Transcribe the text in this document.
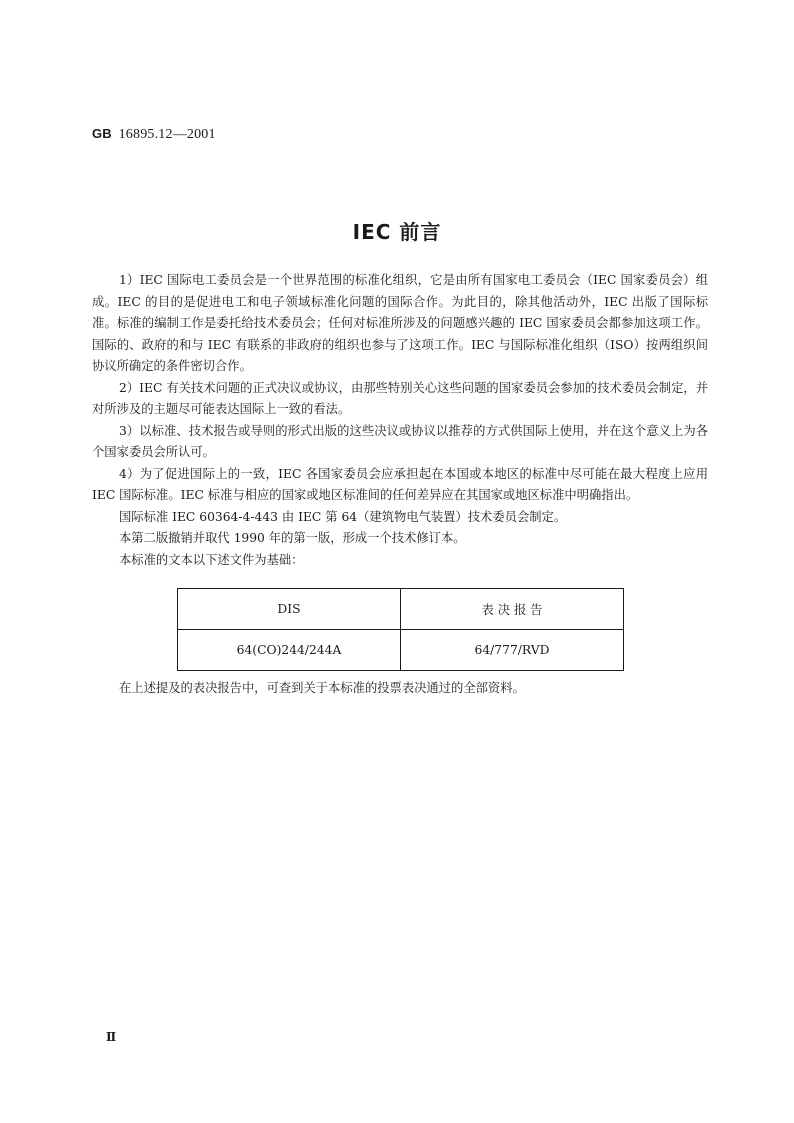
GB 16895.12—2001
IEC 前言

1）IEC 国际电工委员会是一个世界范围的标准化组织，它是由所有国家电工委员会（IEC 国家委员会）组成。IEC 的目的是促进电工和电子领域标准化问题的国际合作。为此目的，除其他活动外，IEC 出版了国际标准。标准的编制工作是委托给技术委员会；任何对标准所涉及的问题感兴趣的 IEC 国家委员会都参加这项工作。国际的、政府的和与 IEC 有联系的非政府的组织也参与了这项工作。IEC 与国际标准化组织（ISO）按两组织间协议所确定的条件密切合作。

2）IEC 有关技术问题的正式决议或协议，由那些特别关心这些问题的国家委员会参加的技术委员会制定，并对所涉及的主题尽可能表达国际上一致的看法。

3）以标准、技术报告或导则的形式出版的这些决议或协议以推荐的方式供国际上使用，并在这个意义上为各个国家委员会所认可。

4）为了促进国际上的一致，IEC 各国家委员会应承担起在本国或本地区的标准中尽可能在最大程度上应用 IEC 国际标准。IEC 标准与相应的国家或地区标准间的任何差异应在其国家或地区标准中明确指出。

国际标准 IEC 60364-4-443 由 IEC 第 64（建筑物电气装置）技术委员会制定。

本第二版撤销并取代 1990 年的第一版，形成一个技术修订本。

本标准的文本以下述文件为基础：

DIS	表 决 报 告
64(CO)244/244A	64/777/RVD
在上述提及的表决报告中，可查到关于本标准的投票表决通过的全部资料。
Ⅱ
